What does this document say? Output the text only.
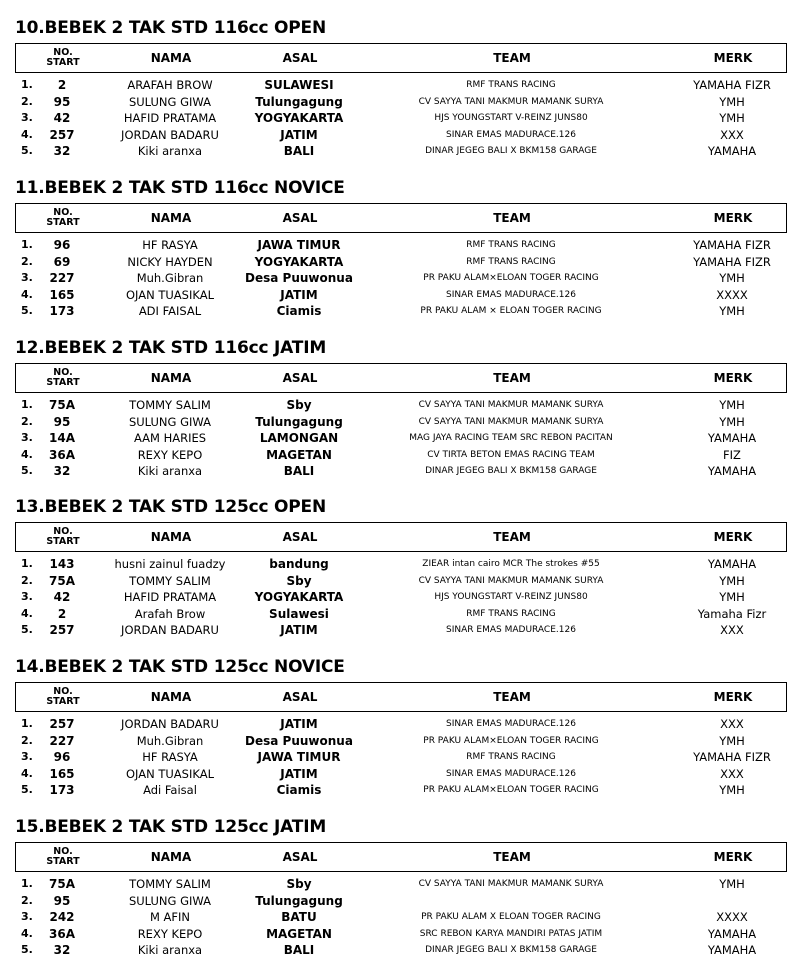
10.BEBEK 2 TAK STD 116cc OPEN
NO.
START	NAMA	ASAL	TEAM	MERK
1.	2	ARAFAH BROW	SULAWESI	RMF TRANS RACING	YAMAHA FIZR
2.	95	SULUNG GIWA	Tulungagung	CV SAYYA TANI MAKMUR MAMANK SURYA	YMH
3.	42	HAFID PRATAMA	YOGYAKARTA	HJS YOUNGSTART V-REINZ JUNS80	YMH
4.	257	JORDAN BADARU	JATIM	SINAR EMAS MADURACE.126	XXX
5.	32	Kiki aranxa	BALI	DINAR JEGEG BALI X BKM158 GARAGE	YAMAHA
11.BEBEK 2 TAK STD 116cc NOVICE
NO.
START	NAMA	ASAL	TEAM	MERK
1.	96	HF RASYA	JAWA TIMUR	RMF TRANS RACING	YAMAHA FIZR
2.	69	NICKY HAYDEN	YOGYAKARTA	RMF TRANS RACING	YAMAHA FIZR
3.	227	Muh.Gibran	Desa Puuwonua	PR PAKU ALAM×ELOAN TOGER RACING	YMH
4.	165	OJAN TUASIKAL	JATIM	SINAR EMAS MADURACE.126	XXXX
5.	173	ADI FAISAL	Ciamis	PR PAKU ALAM × ELOAN TOGER RACING	YMH
12.BEBEK 2 TAK STD 116cc JATIM
NO.
START	NAMA	ASAL	TEAM	MERK
1.	75A	TOMMY SALIM	Sby	CV SAYYA TANI MAKMUR MAMANK SURYA	YMH
2.	95	SULUNG GIWA	Tulungagung	CV SAYYA TANI MAKMUR MAMANK SURYA	YMH
3.	14A	AAM HARIES	LAMONGAN	MAG JAYA RACING TEAM SRC REBON PACITAN	YAMAHA
4.	36A	REXY KEPO	MAGETAN	CV TIRTA BETON EMAS RACING TEAM	FIZ
5.	32	Kiki aranxa	BALI	DINAR JEGEG BALI X BKM158 GARAGE	YAMAHA
13.BEBEK 2 TAK STD 125cc OPEN
NO.
START	NAMA	ASAL	TEAM	MERK
1.	143	husni zainul fuadzy	bandung	ZIEAR intan cairo MCR The strokes #55	YAMAHA
2.	75A	TOMMY SALIM	Sby	CV SAYYA TANI MAKMUR MAMANK SURYA	YMH
3.	42	HAFID PRATAMA	YOGYAKARTA	HJS YOUNGSTART V-REINZ JUNS80	YMH
4.	2	Arafah Brow	Sulawesi	RMF TRANS RACING	Yamaha Fizr
5.	257	JORDAN BADARU	JATIM	SINAR EMAS MADURACE.126	XXX
14.BEBEK 2 TAK STD 125cc NOVICE
NO.
START	NAMA	ASAL	TEAM	MERK
1.	257	JORDAN BADARU	JATIM	SINAR EMAS MADURACE.126	XXX
2.	227	Muh.Gibran	Desa Puuwonua	PR PAKU ALAM×ELOAN TOGER RACING	YMH
3.	96	HF RASYA	JAWA TIMUR	RMF TRANS RACING	YAMAHA FIZR
4.	165	OJAN TUASIKAL	JATIM	SINAR EMAS MADURACE.126	XXX
5.	173	Adi Faisal	Ciamis	PR PAKU ALAM×ELOAN TOGER RACING	YMH
15.BEBEK 2 TAK STD 125cc JATIM
NO.
START	NAMA	ASAL	TEAM	MERK
1.	75A	TOMMY SALIM	Sby	CV SAYYA TANI MAKMUR MAMANK SURYA	YMH
2.	95	SULUNG GIWA	Tulungagung
3.	242	M AFIN	BATU	PR PAKU ALAM X ELOAN TOGER RACING	XXXX
4.	36A	REXY KEPO	MAGETAN	SRC REBON KARYA MANDIRI PATAS JATIM	YAMAHA
5.	32	Kiki aranxa	BALI	DINAR JEGEG BALI X BKM158 GARAGE	YAMAHA
